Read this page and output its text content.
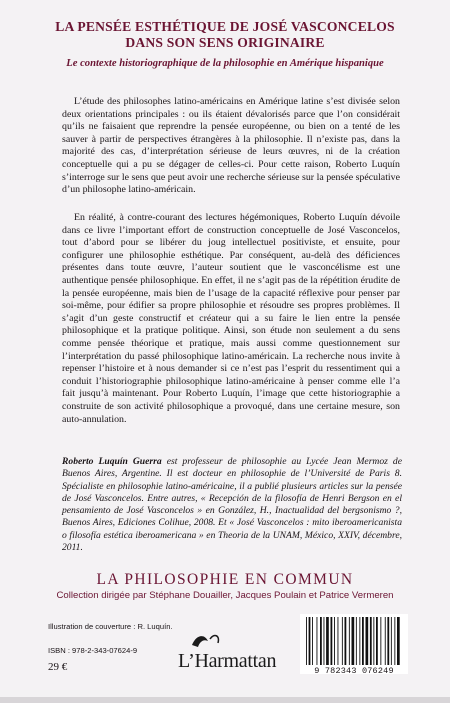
LA PENSÉE ESTHÉTIQUE DE JOSÉ VASCONCELOS
DANS SON SENS ORIGINAIRE
Le contexte historiographique de la philosophie en Amérique hispanique

L’étude des philosophes latino-américains en Amérique latine s’est divisée selon deux orientations principales : ou ils étaient dévalorisés parce que l’on considérait qu’ils ne faisaient que reprendre la pensée européenne, ou bien on a tenté de les sauver à partir de perspectives étrangères à la philosophie. Il n’existe pas, dans la majorité des cas, d’interprétation sérieuse de leurs œuvres, ni de la création conceptuelle qui a pu se dégager de celles-ci. Pour cette raison, Roberto Luquín s’interroge sur le sens que peut avoir une recherche sérieuse sur la pensée spéculative d’un philosophe latino-américain.

En réalité, à contre-courant des lectures hégémoniques, Roberto Luquín dévoile dans ce livre l’important effort de construction conceptuelle de José Vasconcelos, tout d’abord pour se libérer du joug intellectuel positiviste, et ensuite, pour configurer une philosophie esthétique. Par conséquent, au-delà des déficiences présentes dans toute œuvre, l’auteur soutient que le vasconcélisme est une authentique pensée philosophique. En effet, il ne s’agit pas de la répétition érudite de la pensée européenne, mais bien de l’usage de la capacité réflexive pour penser par soi-même, pour édifier sa propre philosophie et résoudre ses propres problèmes. Il s’agit d’un geste constructif et créateur qui a su faire le lien entre la pensée philosophique et la pratique politique. Ainsi, son étude non seulement a du sens comme pensée théorique et pratique, mais aussi comme questionnement sur l’interprétation du passé philosophique latino-américain. La recherche nous invite à repenser l’histoire et à nous demander si ce n’est pas l’esprit du ressentiment qui a conduit l’historiographie philosophique latino-américaine à penser comme elle l’a fait jusqu’à maintenant. Pour Roberto Luquín, l’image que cette historiographie a construite de son activité philosophique a provoqué, dans une certaine mesure, son auto-annulation.

Roberto Luquín Guerra est professeur de philosophie au Lycée Jean Mermoz de Buenos Aires, Argentine. Il est docteur en philosophie de l’Université de Paris 8. Spécialiste en philosophie latino-américaine, il a publié plusieurs articles sur la pensée de José Vasconcelos. Entre autres, « Recepción de la filosofía de Henri Bergson en el pensamiento de José Vasconcelos » en González, H., Inactualidad del bergsonismo ?, Buenos Aires, Ediciones Colihue, 2008. Et « José Vasconcelos : mito iberoamericanista o filosofía estética iberoamericana » en Theoria de la UNAM, México, XXIV, décembre, 2011.

LA PHILOSOPHIE EN COMMUN
Collection dirigée par Stéphane Douailler, Jacques Poulain et Patrice Vermeren
Illustration de couverture : R. Luquín.
ISBN : 978-2-343-07624-9
29 €	L’Harmattan	9 782343 076249
